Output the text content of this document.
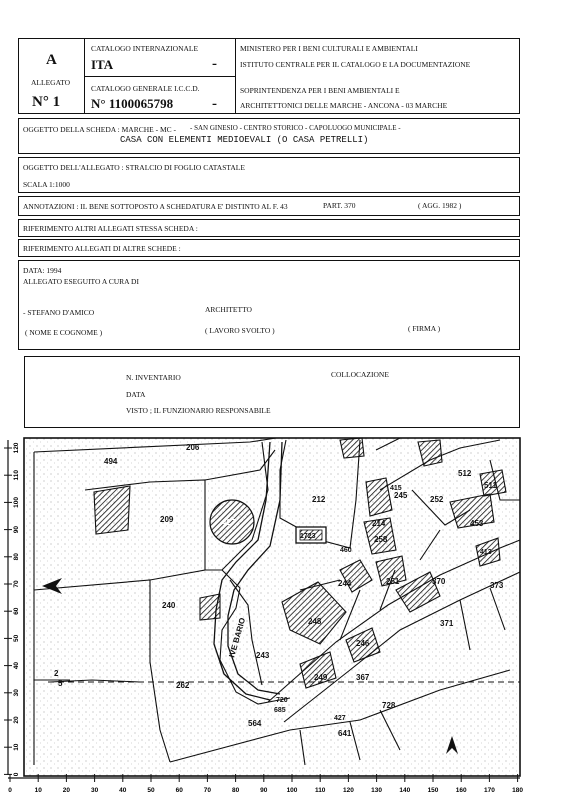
A
ALLEGATO
N° 1
CATALOGO INTERNAZIONALE
ITA	-
CATALOGO GENERALE I.C.C.D.
N° 1100065798	-
MINISTERO PER I BENI CULTURALI E AMBIENTALI
ISTITUTO CENTRALE PER IL CATALOGO E LA DOCUMENTAZIONE
SOPRINTENDENZA PER I BENI AMBIENTALI E
ARCHITETTONICI DELLE MARCHE - ANCONA - 03 MARCHE
OGGETTO DELLA SCHEDA : MARCHE - MC - - SAN GINESIO - CENTRO STORICO - CAPOLUOGO MUNICIPALE -
CASA CON ELEMENTI MEDIOEVALI (O CASA PETRELLI)
OGGETTO DELL'ALLEGATO : STRALCIO DI FOGLIO CATASTALE
SCALA 1:1000
ANNOTAZIONI : IL BENE SOTTOPOSTO A SCHEDATURA E' DISTINTO AL F. 43	PART. 370	( AGG. 1982 )
RIFERIMENTO ALTRI ALLEGATI STESSA SCHEDA :
RIFERIMENTO ALLEGATI DI ALTRE SCHEDE :
DATA: 1994
ALLEGATO ESEGUITO A CURA DI
- STEFANO D'AMICO	ARCHITETTO
( NOME E COGNOME )	( LAVORO SVOLTO )	( FIRMA )
N. INVENTARIO	COLLOCAZIONE
DATA
VISTO ; IL FUNZIONARIO RESPONSABILE
120
110
100
90
80
70
60
50
40
30
20
10
0
0	10	20	30	40	50	60	70	80	90	100	110	120	130	140	150	160	170	180
494
206
212	252
512
511
209	427
1723
245
214
258
453
240
244	251	370	373
248	371
249
246
243
367
262
564
728
641
2
5
720
685
427
415
413
460
IVE BARIO
